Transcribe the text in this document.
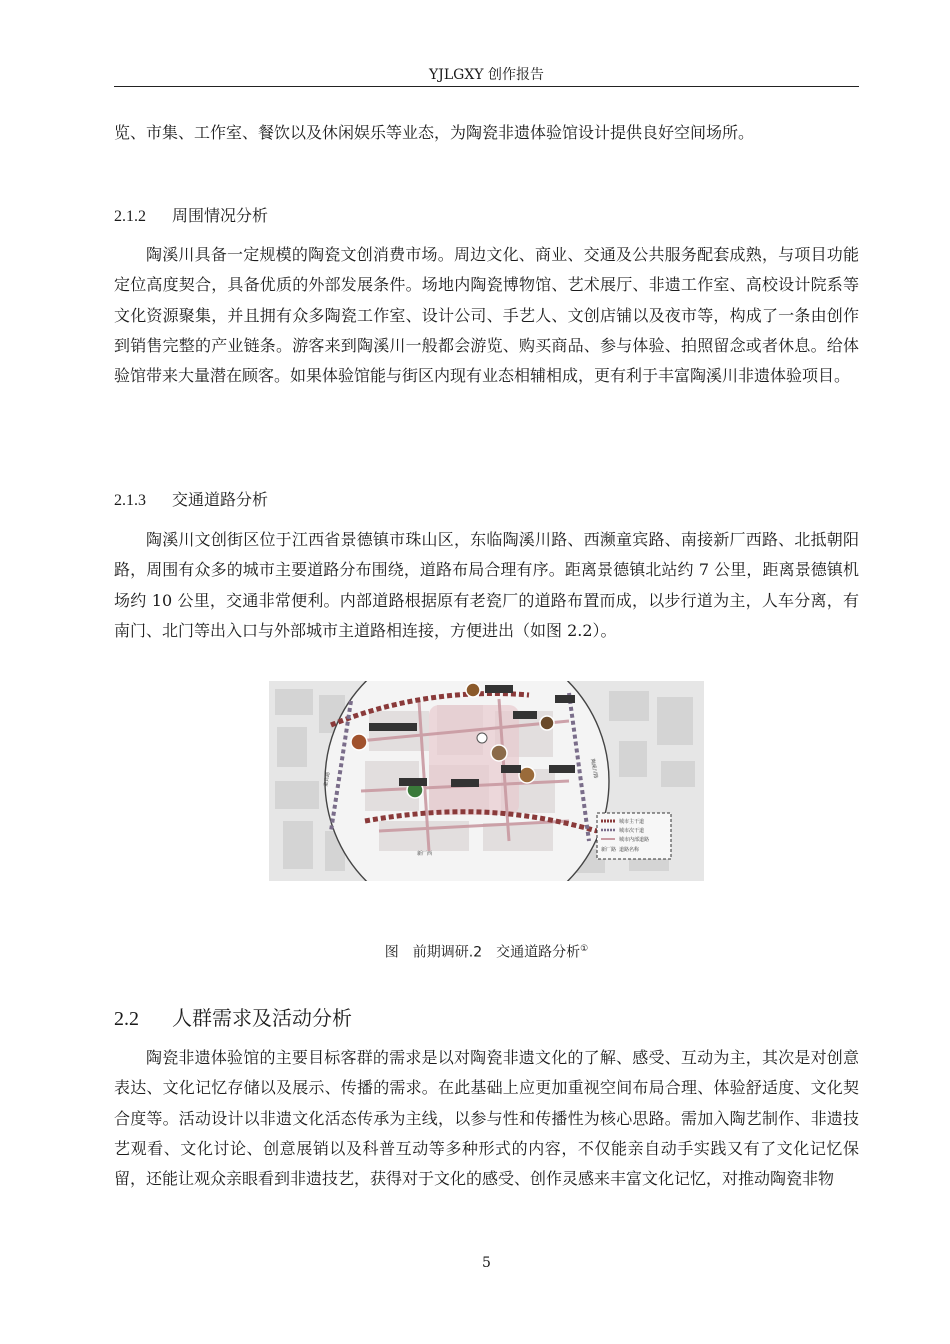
YJLGXY 创作报告

览、市集、工作室、餐饮以及休闲娱乐等业态，为陶瓷非遗体验馆设计提供良好空间场所。

2.1.2 周围情况分析

陶溪川具备一定规模的陶瓷文创消费市场。周边文化、商业、交通及公共服务配套成熟，与项目功能定位高度契合，具备优质的外部发展条件。场地内陶瓷博物馆、艺术展厅、非遗工作室、高校设计院系等文化资源聚集，并且拥有众多陶瓷工作室、设计公司、手艺人、文创店铺以及夜市等，构成了一条由创作到销售完整的产业链条。游客来到陶溪川一般都会游览、购买商品、参与体验、拍照留念或者休息。给体验馆带来大量潜在顾客。如果体验馆能与街区内现有业态相辅相成，更有利于丰富陶溪川非遗体验项目。

2.1.3 交通道路分析

陶溪川文创街区位于江西省景德镇市珠山区，东临陶溪川路、西濒童宾路、南接新厂西路、北抵朝阳路，周围有众多的城市主要道路分布围绕，道路布局合理有序。距离景德镇北站约 7 公里，距离景德镇机场约 10 公里，交通非常便利。内部道路根据原有老瓷厂的道路布置而成，以步行道为主，人车分离，有南门、北门等出入口与外部城市主道路相连接，方便进出（如图 2.2）。

新厂西
童宾路
陶溪川路
城市主干道
城市次干道
城市内部道路
新厂路 道路名称
图　前期调研.2　交通道路分析①
2.2 人群需求及活动分析

陶瓷非遗体验馆的主要目标客群的需求是以对陶瓷非遗文化的了解、感受、互动为主，其次是对创意表达、文化记忆存储以及展示、传播的需求。在此基础上应更加重视空间布局合理、体验舒适度、文化契合度等。活动设计以非遗文化活态传承为主线，以参与性和传播性为核心思路。需加入陶艺制作、非遗技艺观看、文化讨论、创意展销以及科普互动等多种形式的内容，不仅能亲自动手实践又有了文化记忆保留，还能让观众亲眼看到非遗技艺，获得对于文化的感受、创作灵感来丰富文化记忆，对推动陶瓷非物

5
